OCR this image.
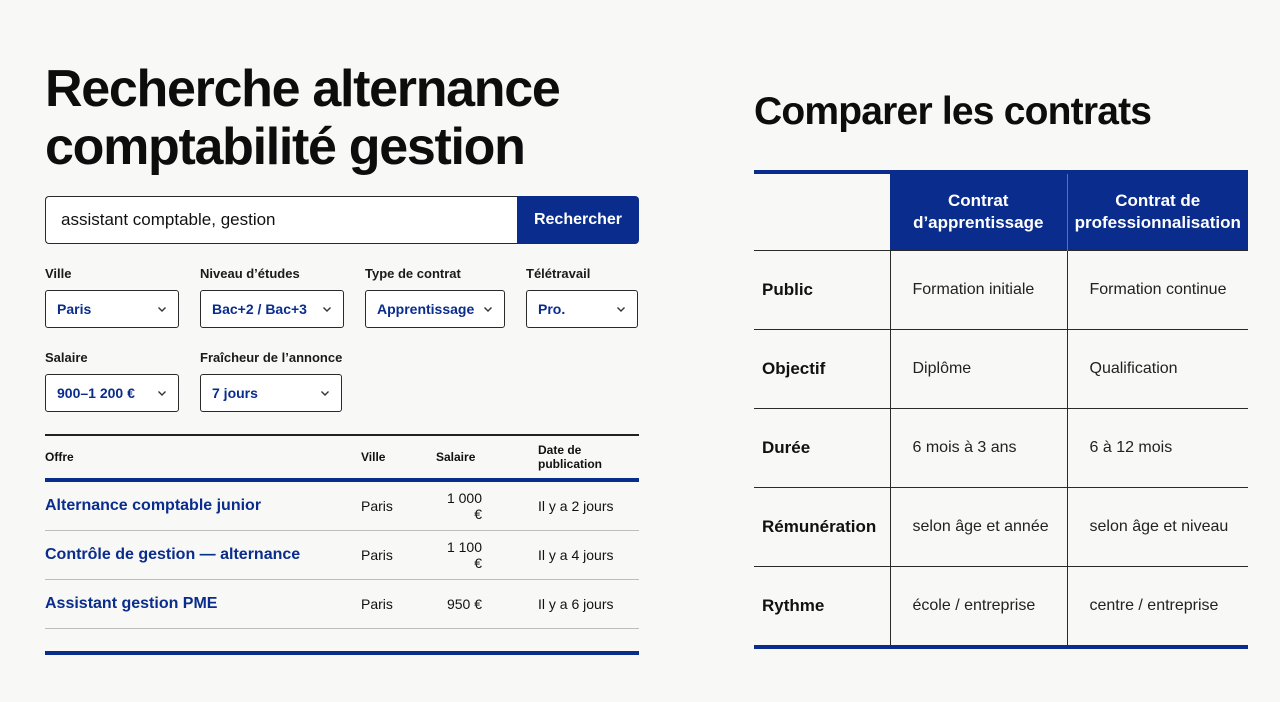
Recherche alternance comptabilité gestion
assistant comptable, gestion
Rechercher
Ville
Paris
Niveau d’études
Bac+2 / Bac+3
Type de contrat
Apprentissage
Télétravail
Pro.
Salaire
900–1 200 €
Fraîcheur de l’annonce
7 jours
Offre	Ville	Salaire	Date de publication
Alternance comptable junior	Paris	1 000 €	Il y a 2 jours
Contrôle de gestion — alternance	Paris	1 100 €	Il y a 4 jours
Assistant gestion PME	Paris	950 €	Il y a 6 jours
Comparer les contrats
	Contrat d’apprentissage	Contrat de professionnalisation
Public	Formation initiale	Formation continue
Objectif	Diplôme	Qualification
Durée	6 mois à 3 ans	6 à 12 mois
Rémunération	selon âge et année	selon âge et niveau
Rythme	école / entreprise	centre / entreprise
